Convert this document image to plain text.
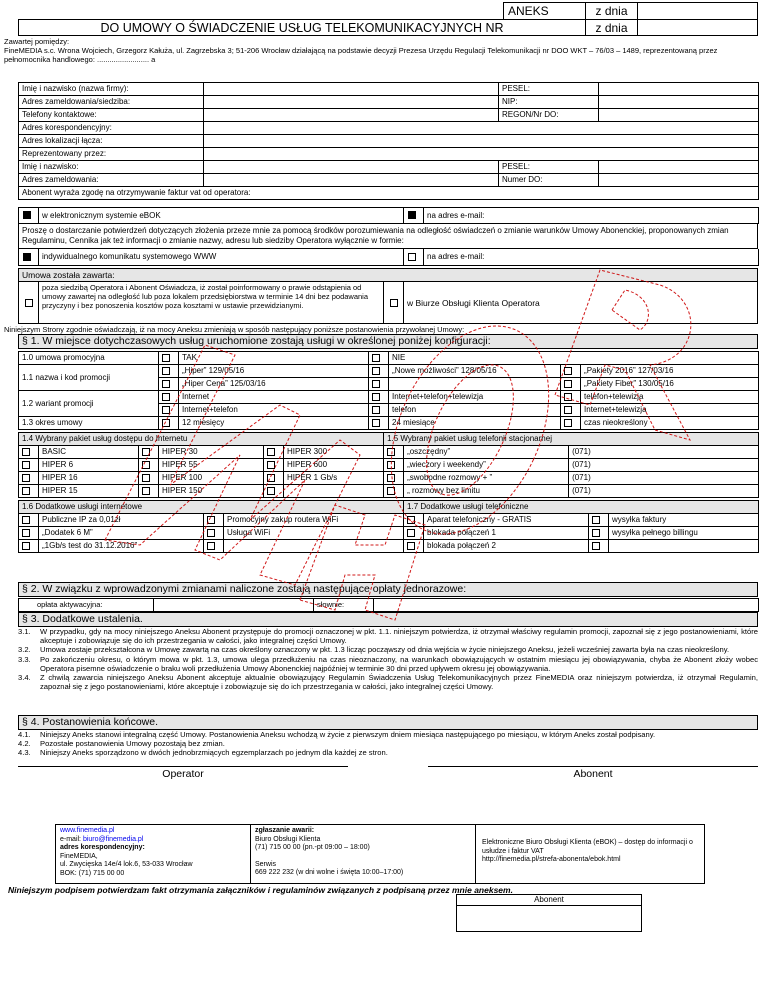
ANEKS	z dnia
DO UMOWY O ŚWIADCZENIE USŁUG TELEKOMUNIKACYJNYCH NR	z dnia
Zawartej pomiędzy:
FineMEDIA s.c. Wrona Wojciech, Grzegorz Kałuża, ul. Zagrzebska 3; 51-206 Wrocław działającą na podstawie decyzji Prezesa Urzędu Regulacji Telekomunikacji nr DOO WKT – 76/03 – 1489, reprezentowaną przez pełnomocnika handlowego: ......................... a
Imię i nazwisko (nazwa firmy):		PESEL:	
Adres zameldowania/siedziba:		NIP:	
Telefony kontaktowe:		REGON/Nr DO:	
Adres korespondencyjny:			
Adres lokalizacji łącza:			
Reprezentowany przez:			
Imię i nazwisko:		PESEL:	
Adres zameldowania:		Numer DO:	
Abonent wyraża zgodę na otrzymywanie faktur vat od operatora:			
	w elektronicznym systemie eBOK		na adres e-mail:
Proszę o dostarczanie potwierdzeń dotyczących złożenia przeze mnie za pomocą środków porozumiewania na odległość oświadczeń o zmianie warunków Umowy Abonenckiej, proponowanych zmian Regulaminu, Cennika jak też informacji o zmianie nazwy, adresu lub siedziby Operatora wyłącznie w formie:
	indywidualnego komunikatu systemowego WWW		na adres e-mail:
Umowa została zawarta:
poza siedzibą Operatora i Abonent Oświadcza, iż został poinformowany o prawie odstąpienia od umowy zawartej na odległość lub poza lokalem przedsiębiorstwa w terminie 14 dni bez podawania przyczyny i bez ponoszenia kosztów poza kosztami w ustawie przewidzianymi.	w Biurze Obsługi Klienta Operatora
Niniejszym Strony zgodnie oświadczają, iż na mocy Aneksu zmieniają w sposób następujący poniższe postanowienia przywołanej Umowy:
§ 1. W miejsce dotychczasowych usług uruchomione zostają usługi w określonej poniżej konfiguracji:
1.0 umowa promocyjna		TAK		NIE		
1.1 nazwa i kod promocji		„Hiper” 129/05/16		„Nowe możliwości” 128/05/16		„Pakiety 2016” 127/03/16
		„Hiper Cena” 125/03/16				„Pakiety Fiber” 130/05/16
1.2 wariant promocji		Internet		Internet+telefon+telewizja		telefon+telewizja
		Internet+telefon		telefon		Internet+telewizja
1.3 okres umowy		12 miesięcy		24 miesiące		czas nieokreślony
1.4 Wybrany pakiet usług dostępu do Internetu						1.5 Wybrany pakiet usług telefonii stacjonarnej		
	BASIC		HIPER 30		HIPER 300		„oszczędny”	(071)
	HIPER 6		HIPER 55		HIPER 600		„wieczory i weekendy”	(071)
	HIPER 16		HIPER 100		HIPER 1 Gb/s		„swobodne rozmowy + ”	(071)
	HIPER 15		HIPER 150				„ rozmowy bez limitu	(071)
1.6 Dodatkowe usługi internetowe				1.7 Dodatkowe usługi telefoniczne			
	Publiczne IP za 0,01zł		Promocyjny zakup routera WiFi		Aparat telefoniczny - GRATIS		wysyłka faktury
	„Dodatek 6 M”		Usługa WiFi		blokada połączeń 1		wysyłka pełnego billingu
	„1Gb/s test do 31.12.2016”				blokada połączeń 2		
§ 2. W związku z wprowadzonymi zmianami naliczone zostają następujące opłaty jednorazowe:
opłata aktywacyjna:		słownie:	
§ 3. Dodatkowe ustalenia.
3.1.	W przypadku, gdy na mocy niniejszego Aneksu Abonent przystępuje do promocji oznaczonej w pkt. 1.1. niniejszym potwierdza, iż otrzymał właściwy regulamin promocji, zapoznał się z jego postanowieniami, które akceptuje i zobowiązuje się do ich przestrzegania w całości, jako integralnej części Umowy.
3.2.	Umowa zostaje przekształcona w Umowę zawartą na czas określony oznaczony w pkt. 1.3 licząc począwszy od dnia wejścia w życie niniejszego Aneksu, jeżeli wcześniej zawarta była na czas nieokreślony.
3.3.	Po zakończeniu okresu, o którym mowa w pkt. 1.3, umowa ulega przedłużeniu na czas nieoznaczony, na warunkach obowiązujących w ostatnim miesiącu jej obowiązywania, chyba że Abonent złoży wobec Operatora pisemne oświadczenie o braku woli przedłużenia Umowy Abonenckiej najpóźniej w terminie 30 dni przed upływem okresu jej obowiązywania.
3.4.	Z chwilą zawarcia niniejszego Aneksu Abonent akceptuje aktualnie obowiązujący Regulamin Świadczenia Usług Telekomunikacyjnych przez FineMEDIA oraz niniejszym potwierdza, iż otrzymał Regulamin, zapoznał się z jego postanowieniami, które akceptuje i zobowiązuje się do ich przestrzegania w całości, jako integralnej części Umowy.
§ 4. Postanowienia końcowe.
4.1.	Niniejszy Aneks stanowi integralną część Umowy. Postanowienia Aneksu wchodzą w życie z pierwszym dniem miesiąca następującego po miesiącu, w którym Aneks został podpisany.
4.2.	Pozostałe postanowienia Umowy pozostają bez zmian.
4.3.	Niniejszy Aneks sporządzono w dwóch jednobrzmiących egzemplarzach po jednym dla każdej ze stron.
Operator	Abonent
www.finemedia.pl
e-mail: biuro@finemedia.pl
adres korespondencyjny:
FineMEDIA,
ul. Zwycięska 14e/4 lok.6, 53-033 Wrocław
BOK: (71) 715 00 00
zgłaszanie awarii:
Biuro Obsługi Klienta
(71) 715 00 00 (pn.-pt 09:00 – 18:00)
Serwis
669 222 232 (w dni wolne i święta 10:00–17:00)
Elektroniczne Biuro Obsługi Klienta (eBOK) – dostęp do informacji o usłudze i faktur VAT
http://finemedia.pl/strefa-abonenta/ebok.html
Niniejszym podpisem potwierdzam fakt otrzymania załączników i regulaminów związanych z podpisaną przez mnie aneksem.
Abonent
